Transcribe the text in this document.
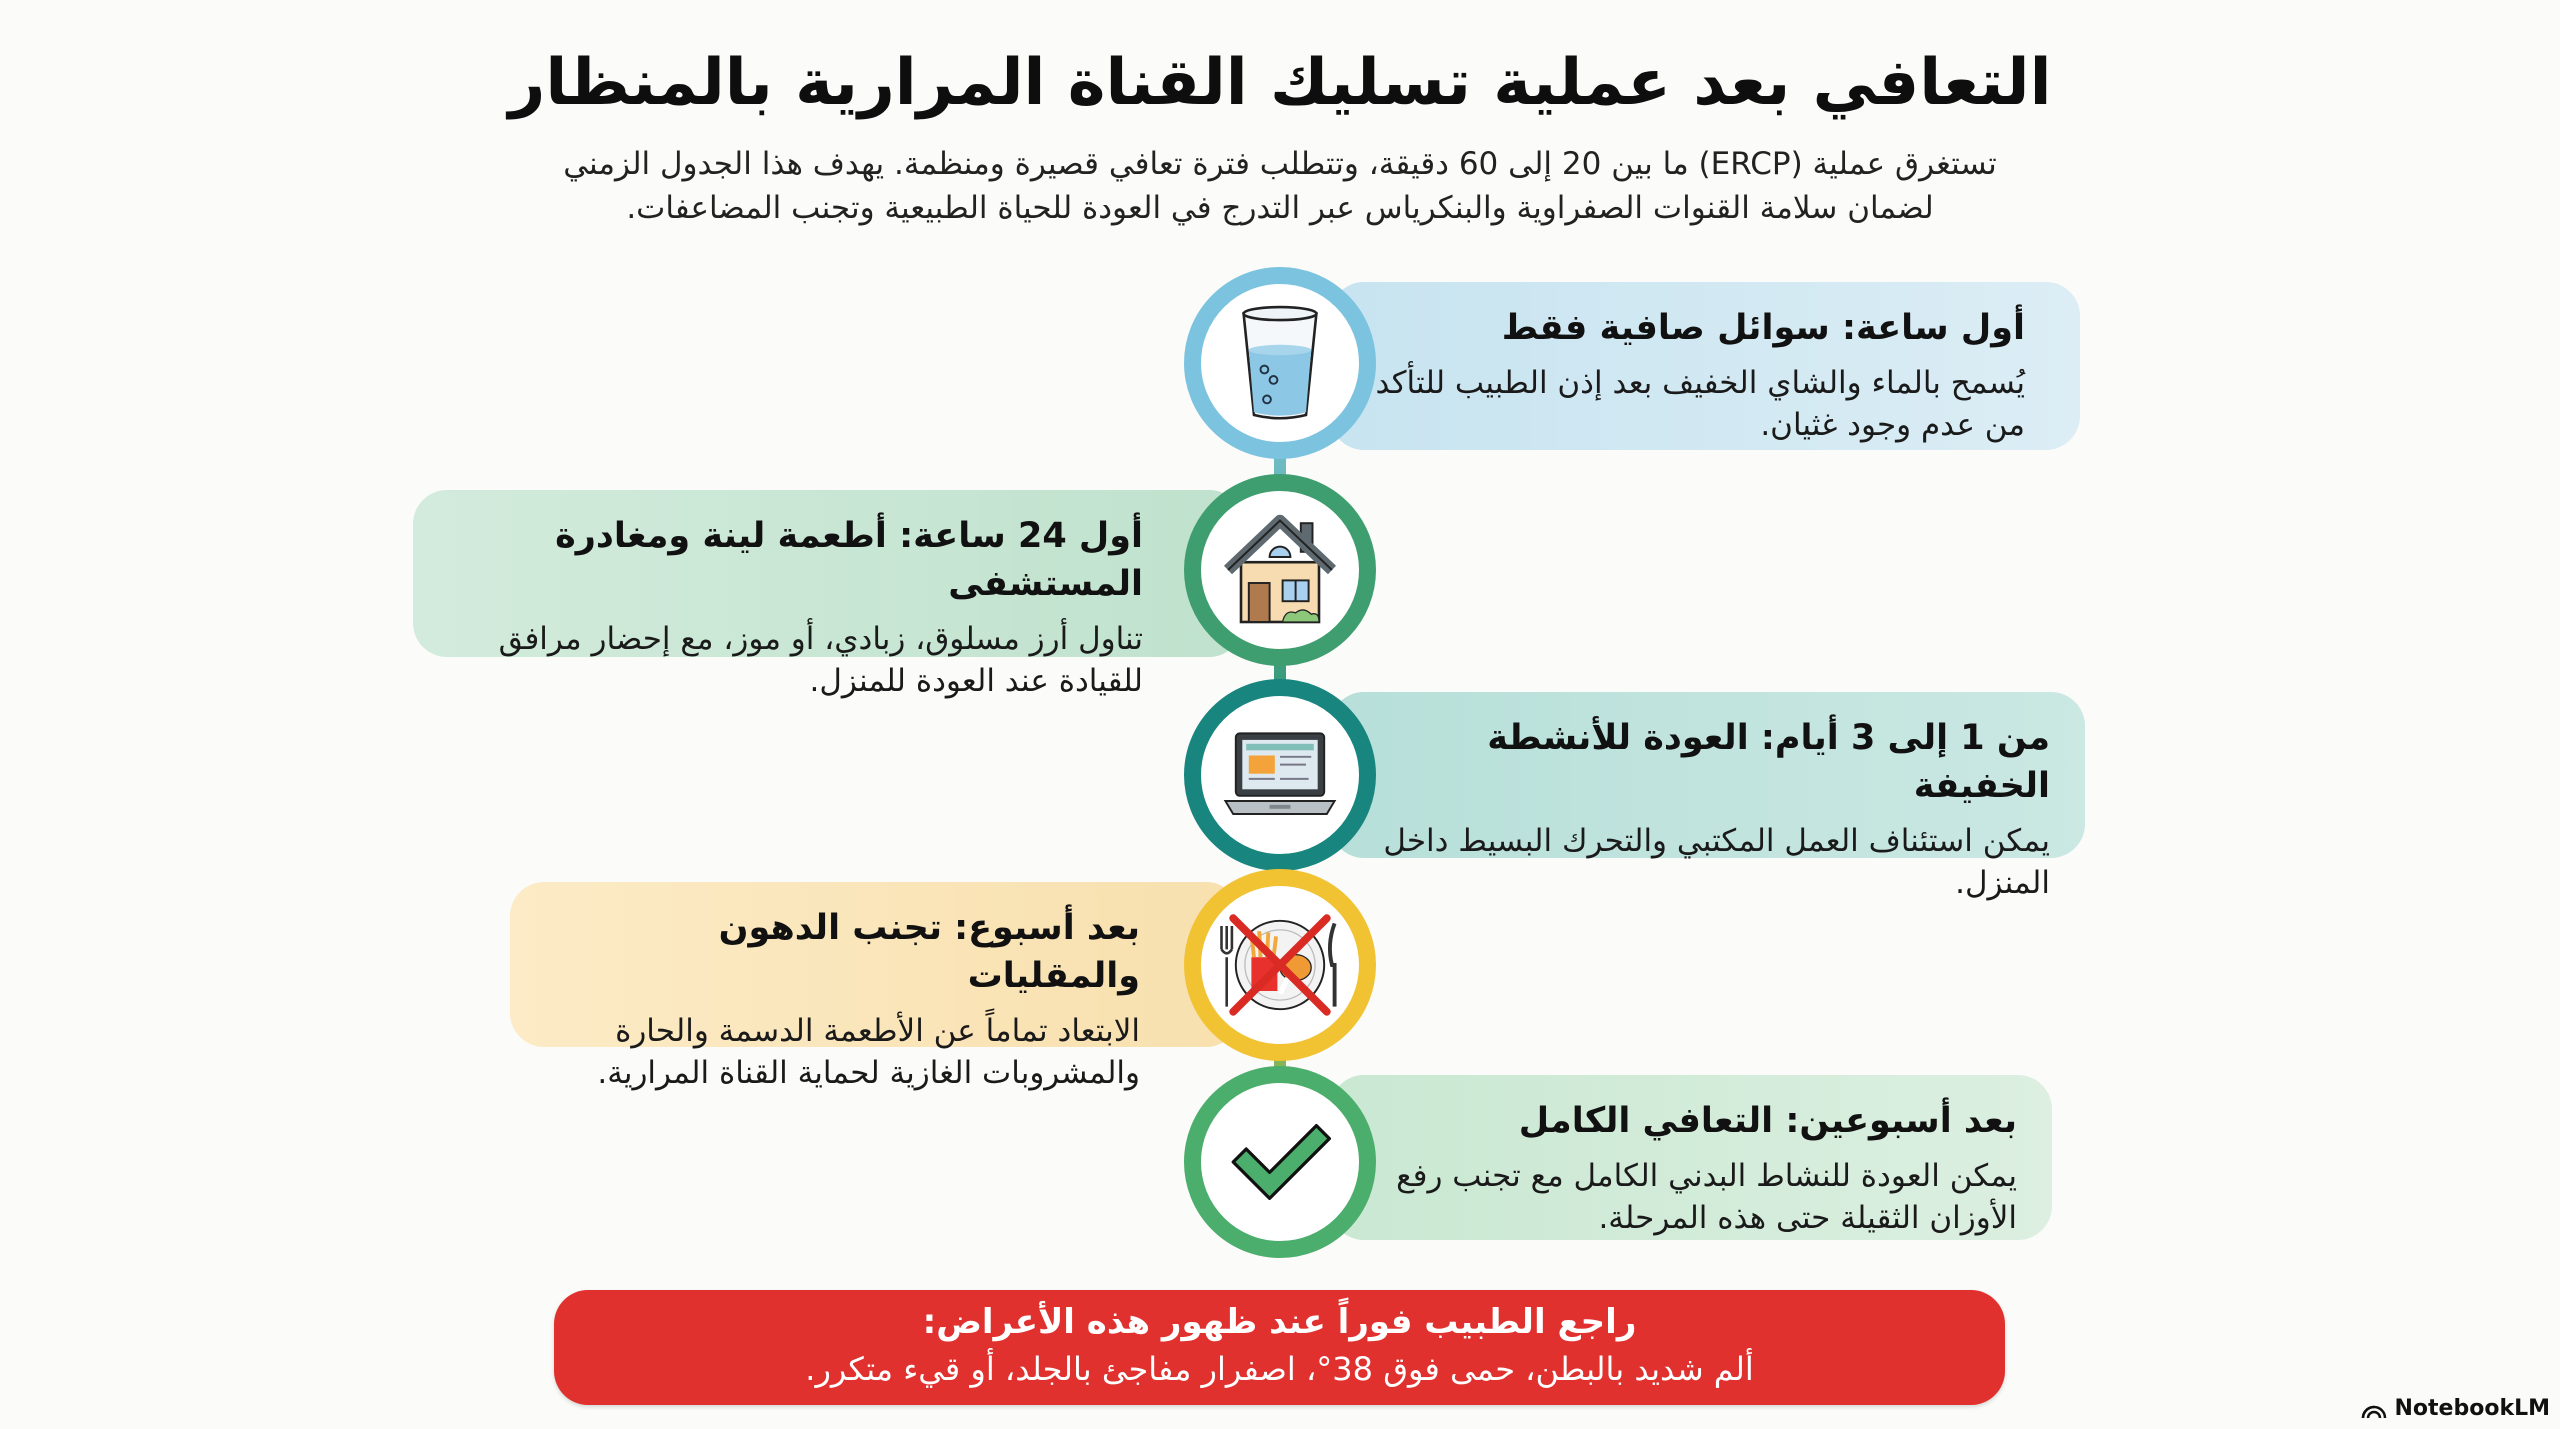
التعافي بعد عملية تسليك القناة المرارية بالمنظار

تستغرق عملية (ERCP) ما بين 20 إلى 60 دقيقة، وتتطلب فترة تعافي قصيرة ومنظمة. يهدف هذا الجدول الزمني لضمان سلامة القنوات الصفراوية والبنكرياس عبر التدرج في العودة للحياة الطبيعية وتجنب المضاعفات.

أول ساعة: سوائل صافية فقط
يُسمح بالماء والشاي الخفيف بعد إذن الطبيب للتأكد من عدم وجود غثيان.
أول 24 ساعة: أطعمة لينة ومغادرة المستشفى
تناول أرز مسلوق، زبادي، أو موز، مع إحضار مرافق للقيادة عند العودة للمنزل.
من 1 إلى 3 أيام: العودة للأنشطة الخفيفة
يمكن استئناف العمل المكتبي والتحرك البسيط داخل المنزل.
بعد أسبوع: تجنب الدهون والمقليات
الابتعاد تماماً عن الأطعمة الدسمة والحارة والمشروبات الغازية لحماية القناة المرارية.
بعد أسبوعين: التعافي الكامل
يمكن العودة للنشاط البدني الكامل مع تجنب رفع الأوزان الثقيلة حتى هذه المرحلة.
راجع الطبيب فوراً عند ظهور هذه الأعراض:
ألم شديد بالبطن، حمى فوق 38°، اصفرار مفاجئ بالجلد، أو قيء متكرر.
NotebookLM
